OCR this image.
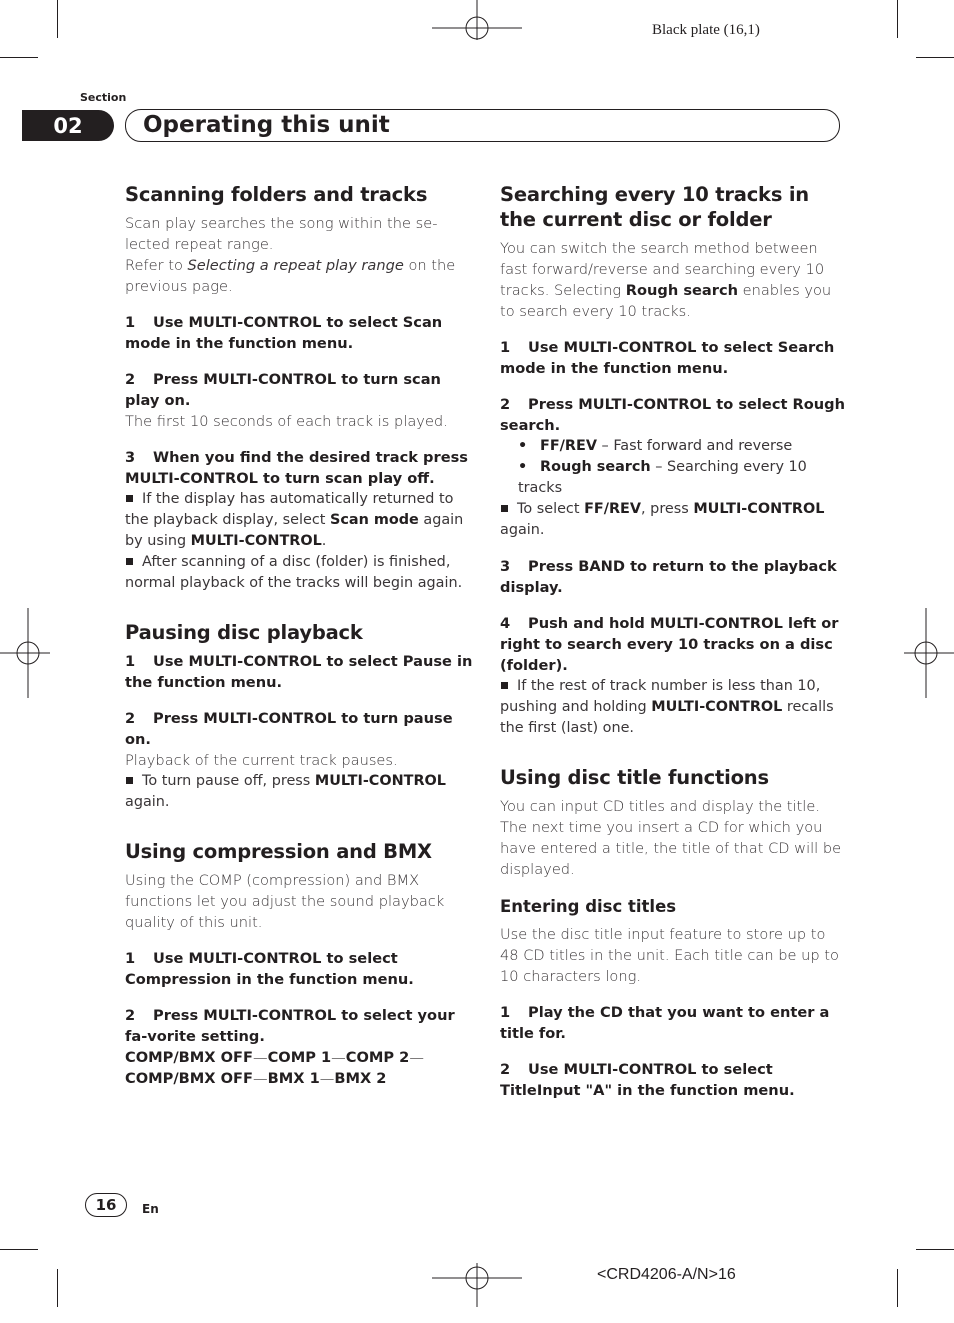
Black plate (16,1)
Section
02	Operating this unit
Scanning folders and tracks

Scan play searches the song within the se-lected repeat range.

Refer to Selecting a repeat play range on the previous page.

1 Use MULTI-CONTROL to select Scan mode in the function menu.
2 Press MULTI-CONTROL to turn scan play on.

The first 10 seconds of each track is played.

3 When you find the desired track press MULTI-CONTROL to turn scan play off.
If the display has automatically returned to the playback display, select Scan mode again by using MULTI-CONTROL.
After scanning of a disc (folder) is finished, normal playback of the tracks will begin again.
Pausing disc playback
1 Use MULTI-CONTROL to select Pause in the function menu.
2 Press MULTI-CONTROL to turn pause on.

Playback of the current track pauses.

To turn pause off, press MULTI-CONTROL again.
Using compression and BMX

Using the COMP (compression) and BMX functions let you adjust the sound playback quality of this unit.

1 Use MULTI-CONTROL to select Compression in the function menu.
2 Press MULTI-CONTROL to select your fa-vorite setting.
COMP/BMX OFF—COMP 1—COMP 2—
COMP/BMX OFF—BMX 1—BMX 2
Searching every 10 tracks in the current disc or folder

You can switch the search method between fast forward/reverse and searching every 10 tracks. Selecting Rough search enables you to search every 10 tracks.

1 Use MULTI-CONTROL to select Search mode in the function menu.
2 Press MULTI-CONTROL to select Rough search.
• FF/REV – Fast forward and reverse
• Rough search – Searching every 10 tracks
To select FF/REV, press MULTI-CONTROL again.
3 Press BAND to return to the playback display.
4 Push and hold MULTI-CONTROL left or right to search every 10 tracks on a disc (folder).
If the rest of track number is less than 10, pushing and holding MULTI-CONTROL recalls the first (last) one.
Using disc title functions

You can input CD titles and display the title. The next time you insert a CD for which you have entered a title, the title of that CD will be displayed.

Entering disc titles

Use the disc title input feature to store up to 48 CD titles in the unit. Each title can be up to 10 characters long.

1 Play the CD that you want to enter a title for.
2 Use MULTI-CONTROL to select TitleInput "A" in the function menu.
16	En
<CRD4206-A/N>16
